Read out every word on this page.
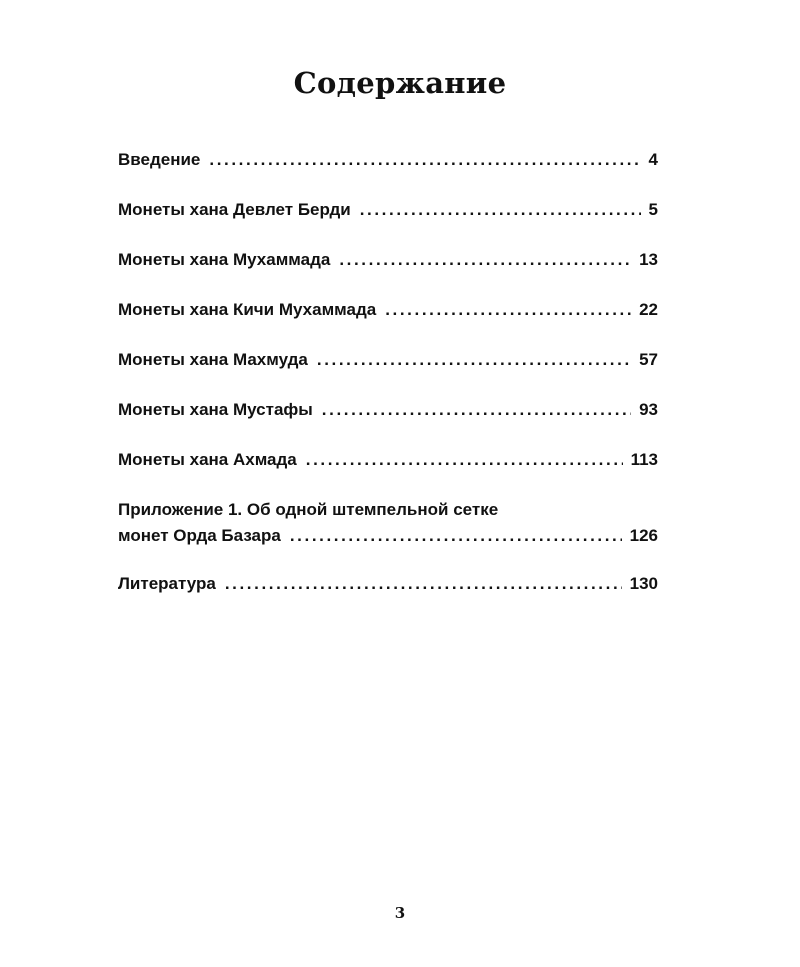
Содержание
Введение .....	4
Монеты хана Девлет Берди .....	5
Монеты хана Мухаммада .....	13
Монеты хана Кичи Мухаммада .....	22
Монеты хана Махмуда .....	57
Монеты хана Мустафы .....	93
Монеты хана Ахмада .....	113
Приложение 1. Об одной штемпельной сетке
монет Орда Базара .....	126
Литература .....	130
3
